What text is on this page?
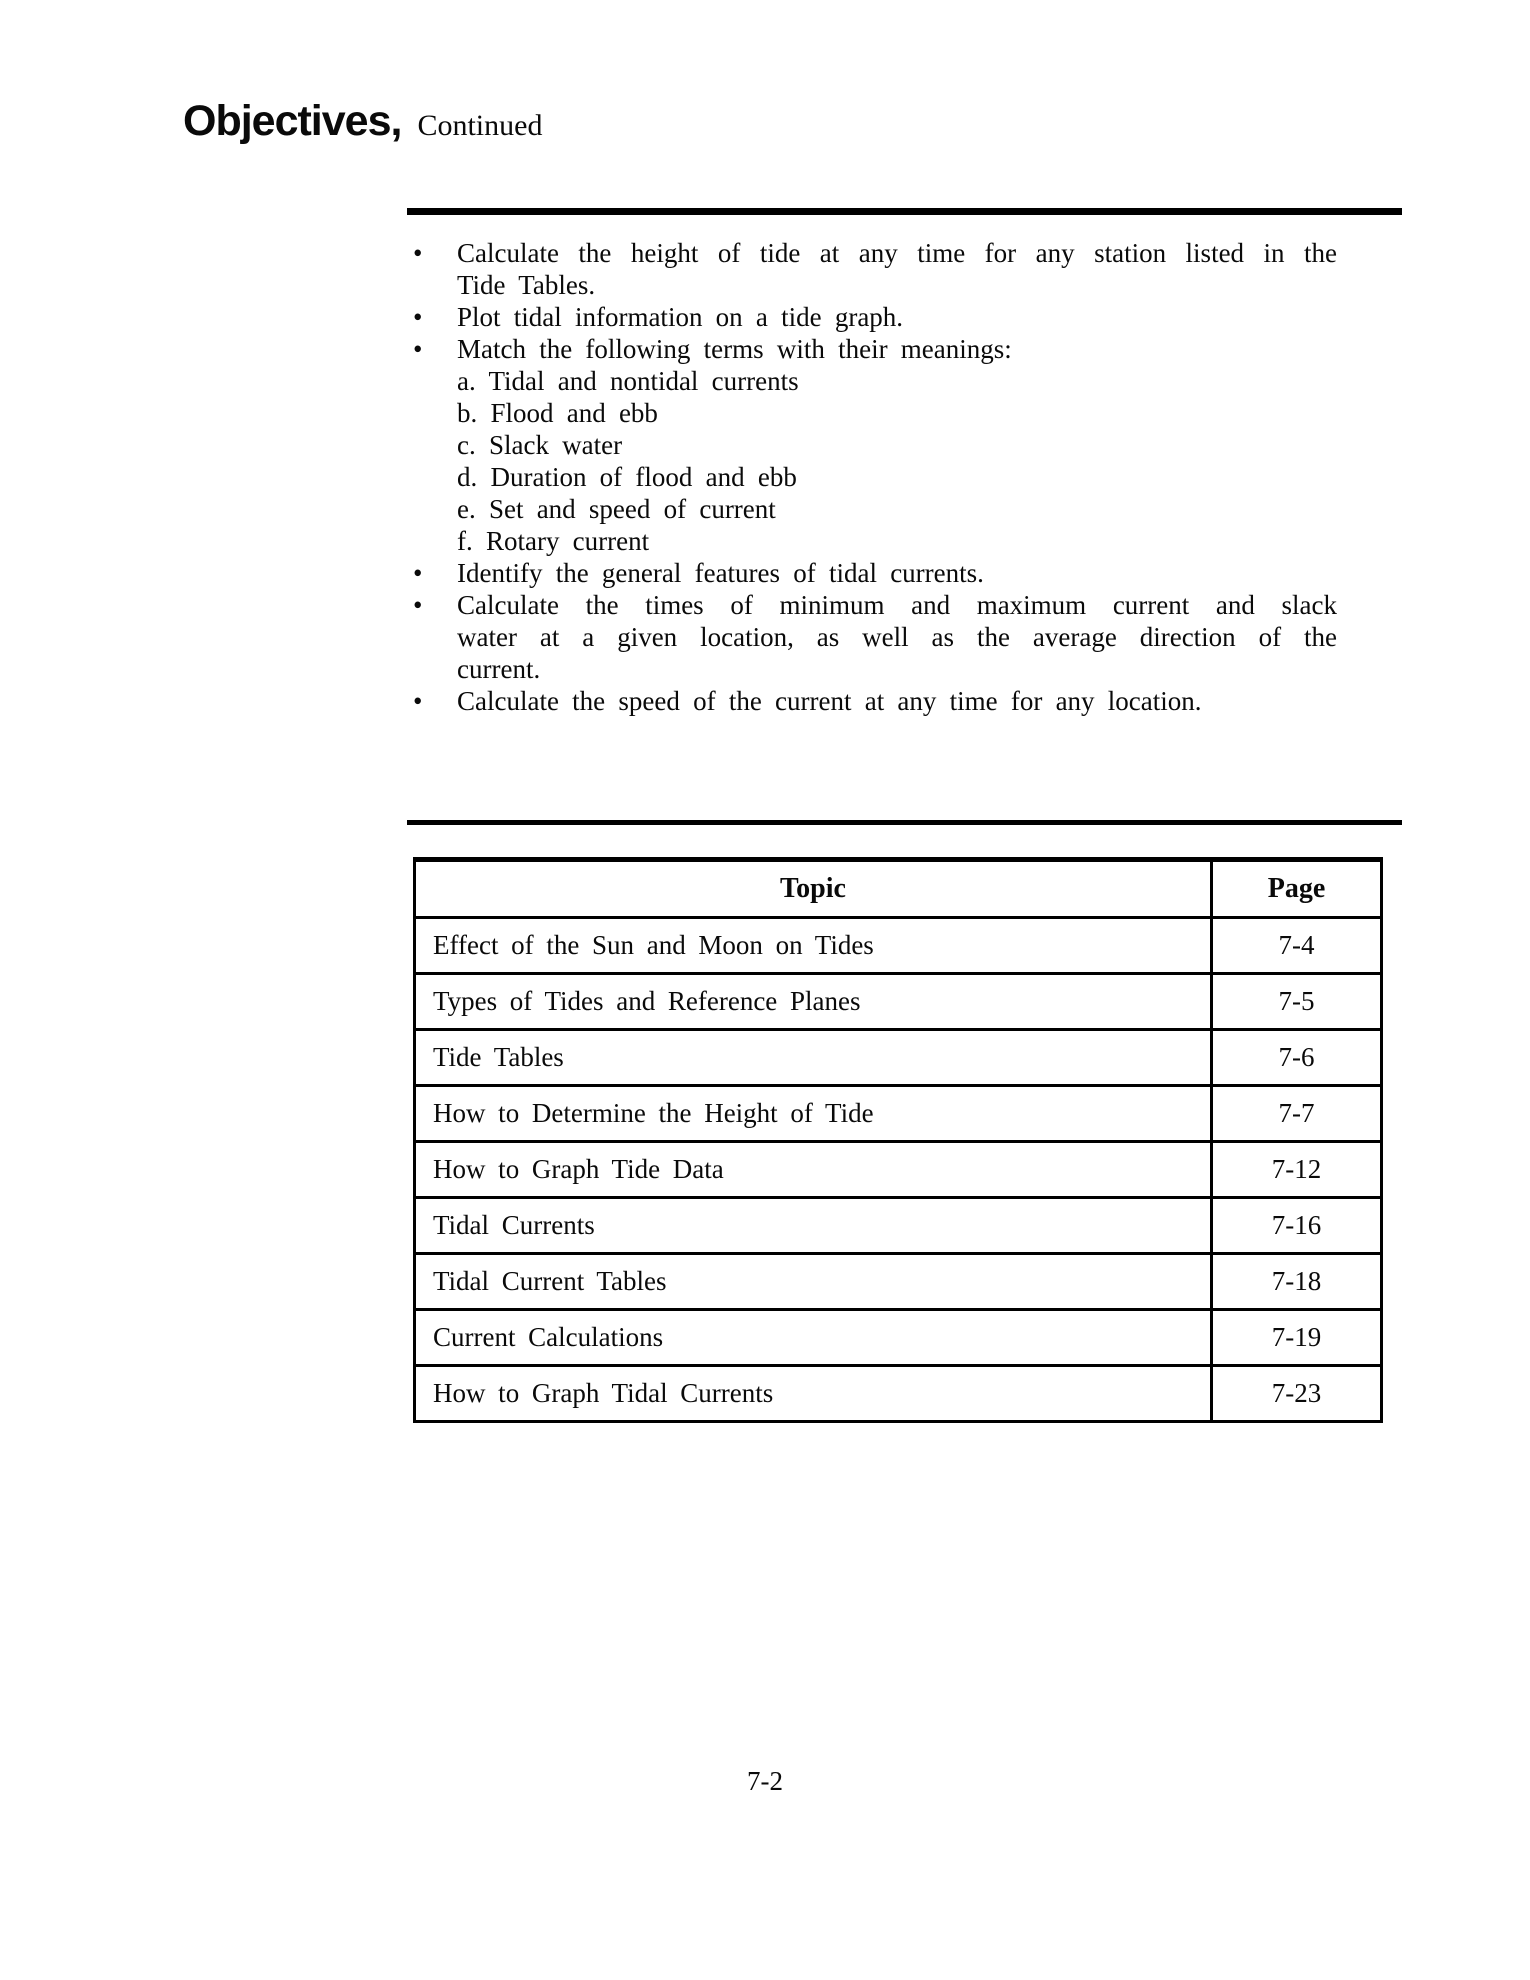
Objectives, Continued
•	Calculate the height of tide at any time for any station listed in the
Tide Tables.
•	Plot tidal information on a tide graph.
•	Match the following terms with their meanings:
a. Tidal and nontidal currents
b. Flood and ebb
c. Slack water
d. Duration of flood and ebb
e. Set and speed of current
f. Rotary current
•	Identify the general features of tidal currents.
•	Calculate the times of minimum and maximum current and slack
water at a given location, as well as the average direction of the
current.
•	Calculate the speed of the current at any time for any location.
Topic	Page
Effect of the Sun and Moon on Tides	7-4
Types of Tides and Reference Planes	7-5
Tide Tables	7-6
How to Determine the Height of Tide	7-7
How to Graph Tide Data	7-12
Tidal Currents	7-16
Tidal Current Tables	7-18
Current Calculations	7-19
How to Graph Tidal Currents	7-23
7-2
